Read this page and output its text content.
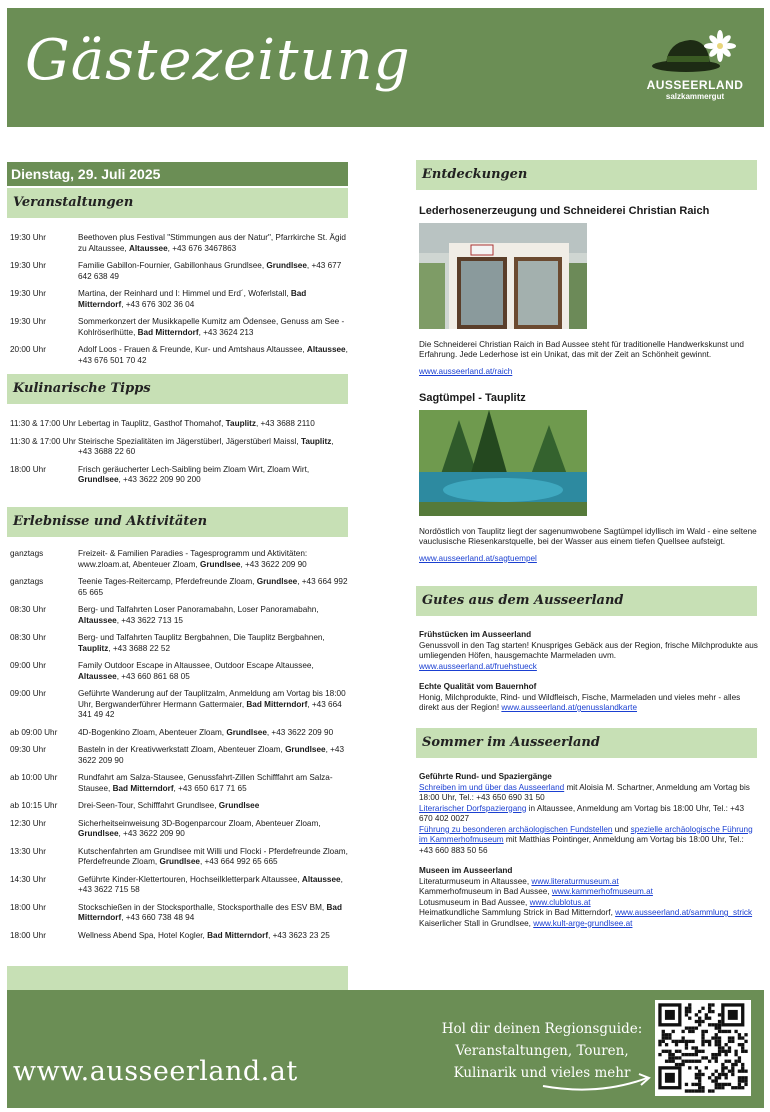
Gästezeitung	AUSSEERLAND
salzkammergut
Dienstag, 29. Juli 2025
Veranstaltungen
19:30 Uhr	Beethoven plus Festival "Stimmungen aus der Natur", Pfarrkirche St. Ägid zu Altaussee, Altaussee, +43 676 3467863
19:30 Uhr	Familie Gabillon-Fournier, Gabillonhaus Grundlsee, Grundlsee, +43 677 642 638 49
19:30 Uhr	Martina, der Reinhard und I: Himmel und Erd´, Woferlstall, Bad Mitterndorf, +43 676 302 36 04
19:30 Uhr	Sommerkonzert der Musikkapelle Kumitz am Ödensee, Genuss am See - Kohlröserlhütte, Bad Mitterndorf, +43 3624 213
20:00 Uhr	Adolf Loos - Frauen & Freunde, Kur- und Amtshaus Altaussee, Altaussee, +43 676 501 70 42
Kulinarische Tipps
11:30 & 17:00 Uhr Lebertag in Tauplitz, Gasthof Thomahof, Tauplitz, +43 3688 2110
11:30 & 17:00 Uhr Steirische Spezialitäten im Jägerstüberl, Jägerstüberl Maissl, Tauplitz, +43 3688 22 60
18:00 Uhr	Frisch geräucherter Lech-Saibling beim Zloam Wirt, Zloam Wirt, Grundlsee, +43 3622 209 90 200
Erlebnisse und Aktivitäten
ganztags	Freizeit- & Familien Paradies - Tagesprogramm und Aktivitäten: www.zloam.at, Abenteuer Zloam, Grundlsee, +43 3622 209 90
ganztags	Teenie Tages-Reitercamp, Pferdefreunde Zloam, Grundlsee, +43 664 992 65 665
08:30 Uhr	Berg- und Talfahrten Loser Panoramabahn, Loser Panoramabahn, Altaussee, +43 3622 713 15
08:30 Uhr	Berg- und Talfahrten Tauplitz Bergbahnen, Die Tauplitz Bergbahnen, Tauplitz, +43 3688 22 52
09:00 Uhr	Family Outdoor Escape in Altaussee, Outdoor Escape Altaussee, Altaussee, +43 660 861 68 05
09:00 Uhr	Geführte Wanderung auf der Tauplitzalm, Anmeldung am Vortag bis 18:00 Uhr, Bergwanderführer Hermann Gattermaier, Bad Mitterndorf, +43 664 341 49 42
ab 09:00 Uhr	4D-Bogenkino Zloam, Abenteuer Zloam, Grundlsee, +43 3622 209 90
09:30 Uhr	Basteln in der Kreativwerkstatt Zloam, Abenteuer Zloam, Grundlsee, +43 3622 209 90
ab 10:00 Uhr	Rundfahrt am Salza-Stausee, Genussfahrt-Zillen Schifffahrt am Salza-Stausee, Bad Mitterndorf, +43 650 617 71 65
ab 10:15 Uhr	Drei-Seen-Tour, Schifffahrt Grundlsee, Grundlsee
12:30 Uhr	Sicherheitseinweisung 3D-Bogenparcour Zloam, Abenteuer Zloam, Grundlsee, +43 3622 209 90
13:30 Uhr	Kutschenfahrten am Grundlsee mit Willi und Flocki - Pferdefreunde Zloam, Pferdefreunde Zloam, Grundlsee, +43 664 992 65 665
14:30 Uhr	Geführte Kinder-Klettertouren, Hochseilkletterpark Altaussee, Altaussee, +43 3622 715 58
18:00 Uhr	Stockschießen in der Stocksporthalle, Stocksporthalle des ESV BM, Bad Mitterndorf, +43 660 738 48 94
18:00 Uhr	Wellness Abend Spa, Hotel Kogler, Bad Mitterndorf, +43 3623 23 25
Entdeckungen
Lederhosenerzeugung und Schneiderei Christian Raich
Die Schneiderei Christian Raich in Bad Aussee steht für traditionelle Handwerkskunst und Erfahrung. Jede Lederhose ist ein Unikat, das mit der Zeit an Schönheit gewinnt.
www.ausseerland.at/raich
Sagtümpel - Tauplitz
Nordöstlich von Tauplitz liegt der sagenumwobene Sagtümpel idyllisch im Wald - eine seltene vauclusische Riesenkarstquelle, bei der Wasser aus einem tiefen Quellsee aufsteigt.
www.ausseerland.at/sagtuempel
Gutes aus dem Ausseerland
Frühstücken im Ausseerland
Genussvoll in den Tag starten! Knuspriges Gebäck aus der Region, frische Milchprodukte aus umliegenden Höfen, hausgemachte Marmeladen uvm.
www.ausseerland.at/fruehstueck
Echte Qualität vom Bauernhof
Honig, Milchprodukte, Rind- und Wildfleisch, Fische, Marmeladen und vieles mehr - alles direkt aus der Region! www.ausseerland.at/genusslandkarte
Sommer im Ausseerland
Geführte Rund- und Spaziergänge
Schreiben im und über das Ausseerland mit Aloisia M. Schartner, Anmeldung am Vortag bis 18:00 Uhr, Tel.: +43 650 690 31 50
Literarischer Dorfspaziergang in Altaussee, Anmeldung am Vortag bis 18:00 Uhr, Tel.: +43 670 402 0027
Führung zu besonderen archäologischen Fundstellen und spezielle archäologische Führung im Kammerhofmuseum mit Matthias Pointinger, Anmeldung am Vortag bis 18:00 Uhr, Tel.: +43 660 883 50 56
Museen im Ausseerland
Literaturmuseum in Altaussee, www.literaturmuseum.at
Kammerhofmuseum in Bad Aussee, www.kammerhofmuseum.at
Lotusmuseum in Bad Aussee, www.clublotus.at
Heimatkundliche Sammlung Strick in Bad Mitterndorf, www.ausseerland.at/sammlung_strick
Kaiserlicher Stall in Grundlsee, www.kult-arge-grundlsee.at
www.ausseerland.at
Hol dir deinen Regionsguide:
Veranstaltungen, Touren,
Kulinarik und vieles mehr
